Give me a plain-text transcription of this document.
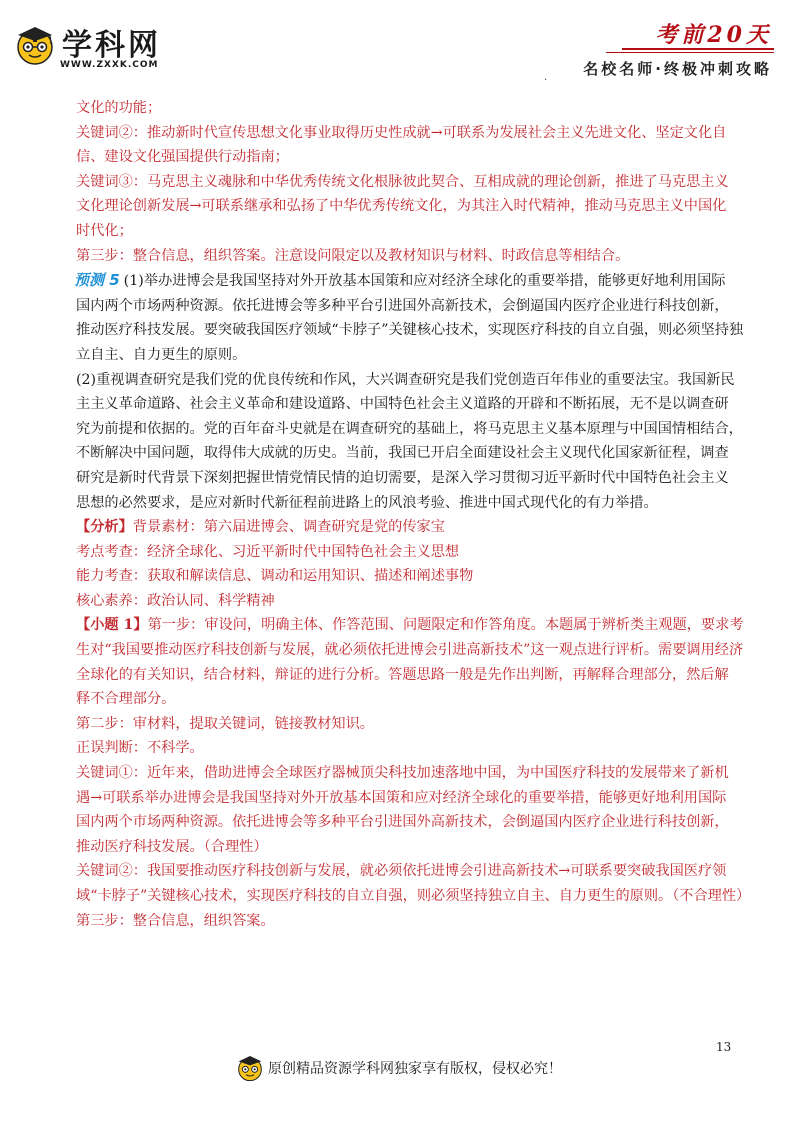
学科网
WWW.ZXXK.COM
考前20天
名校名师·终极冲刺攻略
.
文化的功能；
关键词②：推动新时代宣传思想文化事业取得历史性成就→可联系为发展社会主义先进文化、坚定文化自
信、建设文化强国提供行动指南；
关键词③：马克思主义魂脉和中华优秀传统文化根脉彼此契合、互相成就的理论创新，推进了马克思主义
文化理论创新发展→可联系继承和弘扬了中华优秀传统文化，为其注入时代精神，推动马克思主义中国化
时代化；
第三步：整合信息，组织答案。注意设问限定以及教材知识与材料、时政信息等相结合。
预测 5 (1)举办进博会是我国坚持对外开放基本国策和应对经济全球化的重要举措，能够更好地利用国际
国内两个市场两种资源。依托进博会等多种平台引进国外高新技术，会倒逼国内医疗企业进行科技创新，
推动医疗科技发展。要突破我国医疗领域“卡脖子”关键核心技术，实现医疗科技的自立自强，则必须坚持独
立自主、自力更生的原则。
(2)重视调查研究是我们党的优良传统和作风，大兴调查研究是我们党创造百年伟业的重要法宝。我国新民
主主义革命道路、社会主义革命和建设道路、中国特色社会主义道路的开辟和不断拓展，无不是以调查研
究为前提和依据的。党的百年奋斗史就是在调查研究的基础上，将马克思主义基本原理与中国国情相结合，
不断解决中国问题，取得伟大成就的历史。当前，我国已开启全面建设社会主义现代化国家新征程，调查
研究是新时代背景下深刻把握世情党情民情的迫切需要，是深入学习贯彻习近平新时代中国特色社会主义
思想的必然要求，是应对新时代新征程前进路上的风浪考验、推进中国式现代化的有力举措。
【分析】背景素材：第六届进博会、调查研究是党的传家宝
考点考查：经济全球化、习近平新时代中国特色社会主义思想
能力考查：获取和解读信息、调动和运用知识、描述和阐述事物
核心素养：政治认同、科学精神
【小题 1】第一步：审设问，明确主体、作答范围、问题限定和作答角度。本题属于辨析类主观题，要求考
生对“我国要推动医疗科技创新与发展，就必须依托进博会引进高新技术”这一观点进行评析。需要调用经济
全球化的有关知识，结合材料，辩证的进行分析。答题思路一般是先作出判断，再解释合理部分，然后解
释不合理部分。
第二步：审材料，提取关键词，链接教材知识。
正误判断：不科学。
关键词①：近年来，借助进博会全球医疗器械顶尖科技加速落地中国，为中国医疗科技的发展带来了新机
遇→可联系举办进博会是我国坚持对外开放基本国策和应对经济全球化的重要举措，能够更好地利用国际
国内两个市场两种资源。依托进博会等多种平台引进国外高新技术，会倒逼国内医疗企业进行科技创新，
推动医疗科技发展。（合理性）
关键词②：我国要推动医疗科技创新与发展，就必须依托进博会引进高新技术→可联系要突破我国医疗领
域“卡脖子”关键核心技术，实现医疗科技的自立自强，则必须坚持独立自主、自力更生的原则。（不合理性）
第三步：整合信息，组织答案。
13
原创精品资源学科网独家享有版权，侵权必究！
